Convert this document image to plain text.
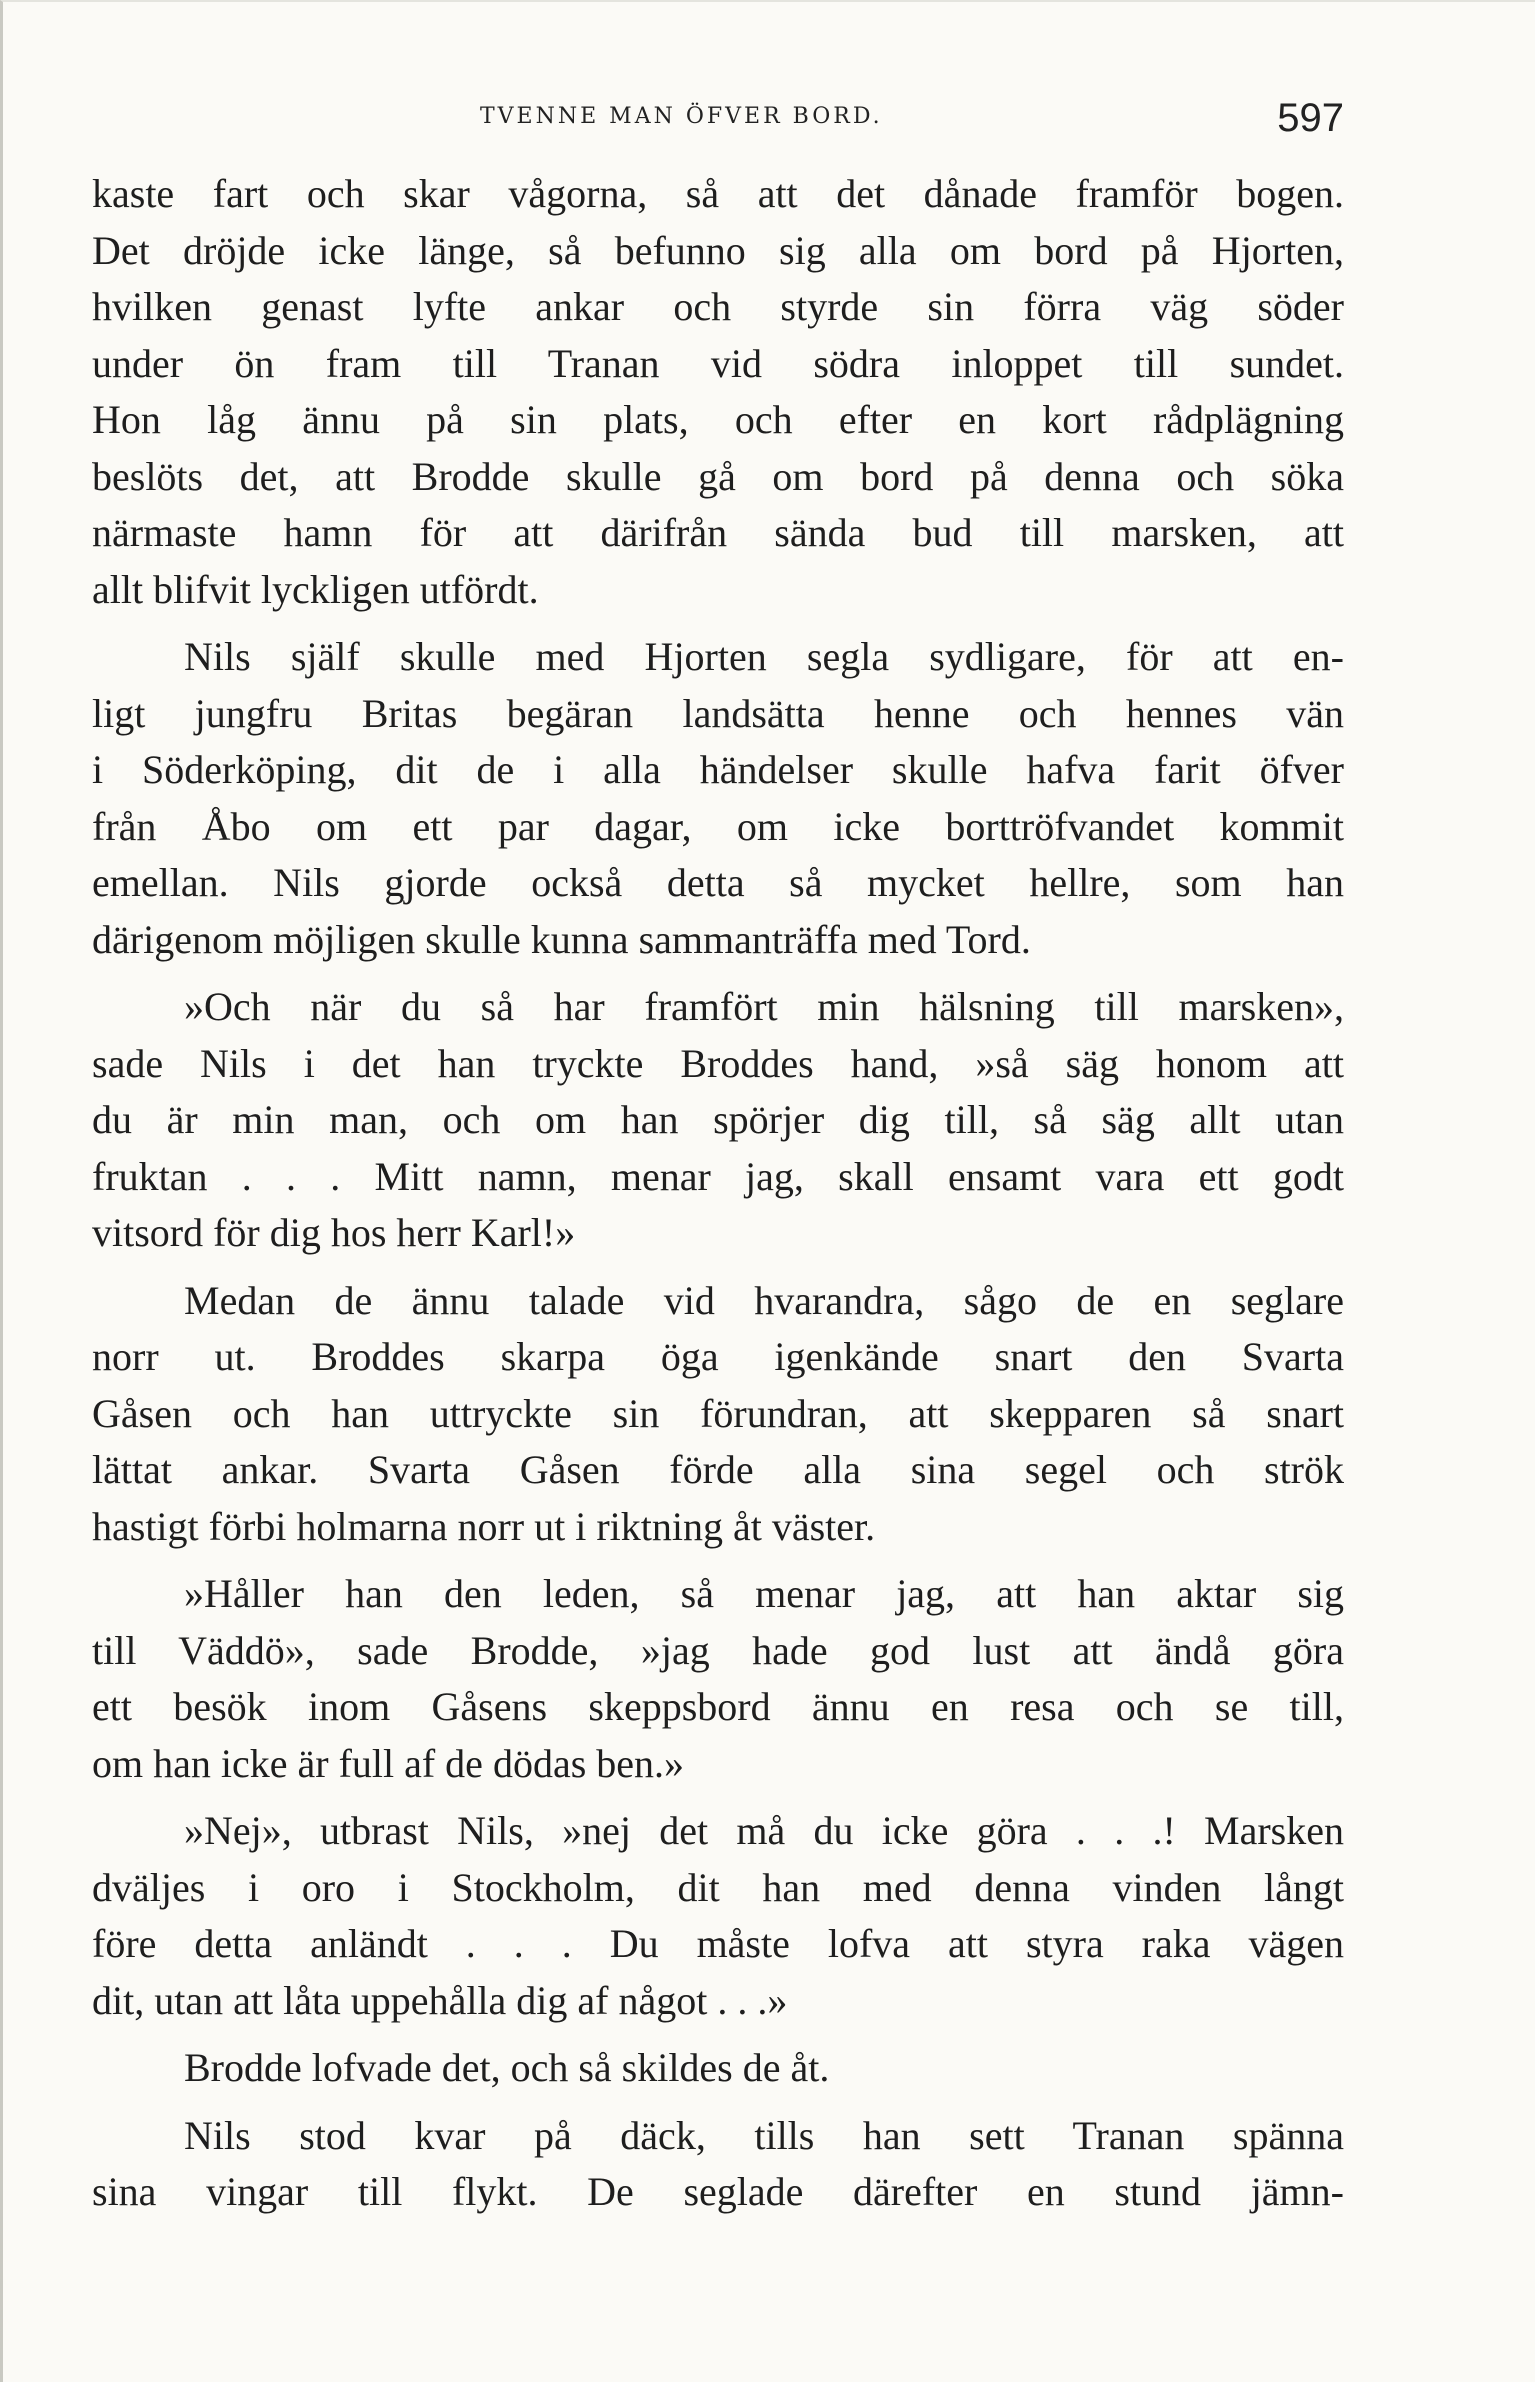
TVENNE MAN ÖFVER BORD.	597
kaste fart och skar vågorna, så att det dånade framför bogen.
Det dröjde icke länge, så befunno sig alla om bord på Hjorten,
hvilken genast lyfte ankar och styrde sin förra väg söder
under ön fram till Tranan vid södra inloppet till sundet.
Hon låg ännu på sin plats, och efter en kort rådplägning
beslöts det, att Brodde skulle gå om bord på denna och söka
närmaste hamn för att därifrån sända bud till marsken, att
allt blifvit lyckligen utfördt.
Nils själf skulle med Hjorten segla sydligare, för att en-
ligt jungfru Britas begäran landsätta henne och hennes vän
i Söderköping, dit de i alla händelser skulle hafva farit öfver
från Åbo om ett par dagar, om icke borttröfvandet kommit
emellan. Nils gjorde också detta så mycket hellre, som han
därigenom möjligen skulle kunna sammanträffa med Tord.
»Och när du så har framfört min hälsning till marsken»,
sade Nils i det han tryckte Broddes hand, »så säg honom att
du är min man, och om han spörjer dig till, så säg allt utan
fruktan . . . Mitt namn, menar jag, skall ensamt vara ett godt
vitsord för dig hos herr Karl!»
Medan de ännu talade vid hvarandra, sågo de en seglare
norr ut. Broddes skarpa öga igenkände snart den Svarta
Gåsen och han uttryckte sin förundran, att skepparen så snart
lättat ankar. Svarta Gåsen förde alla sina segel och strök
hastigt förbi holmarna norr ut i riktning åt väster.
»Håller han den leden, så menar jag, att han aktar sig
till Väddö», sade Brodde, »jag hade god lust att ändå göra
ett besök inom Gåsens skeppsbord ännu en resa och se till,
om han icke är full af de dödas ben.»
»Nej», utbrast Nils, »nej det må du icke göra . . .! Marsken
dväljes i oro i Stockholm, dit han med denna vinden långt
före detta anländt . . . Du måste lofva att styra raka vägen
dit, utan att låta uppehålla dig af något . . .»
Brodde lofvade det, och så skildes de åt.
Nils stod kvar på däck, tills han sett Tranan spänna
sina vingar till flykt. De seglade därefter en stund jämn-
